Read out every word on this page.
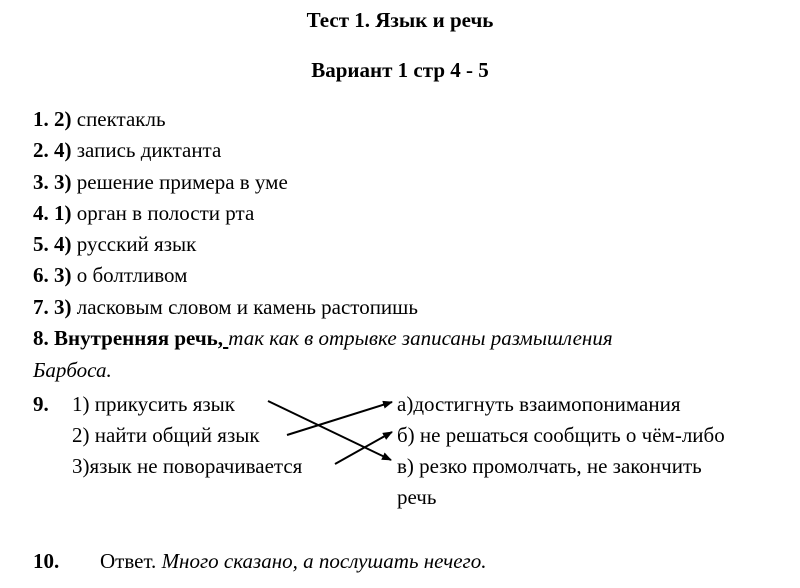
Тест 1. Язык и речь
Вариант 1 стр 4 - 5
1. 2) спектакль
2. 4) запись диктанта
3. 3) решение примера в уме
4. 1) орган в полости рта
5. 4) русский язык
6. 3) о болтливом
7. 3) ласковым словом и камень растопишь
8. Внутренняя речь, так как в отрывке записаны размышления
Барбоса.
9. 1) прикусить язык
2) найти общий язык
3)язык не поворачивается
а)достигнуть взаимопонимания
б) не решаться сообщить о чём-либо
в) резко промолчать, не закончить
речь
10. Ответ. Много сказано, а послушать нечего.
